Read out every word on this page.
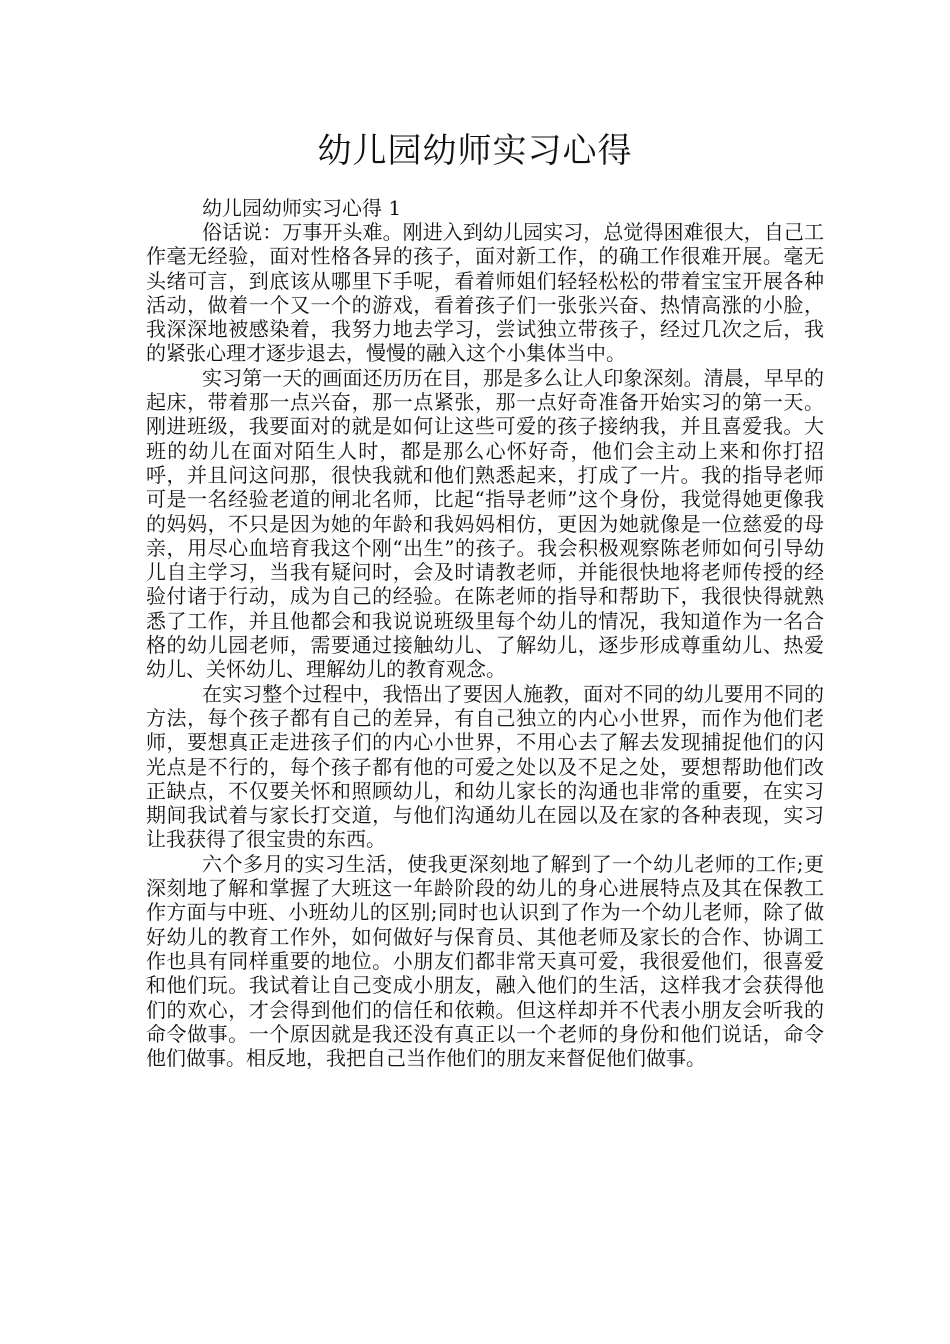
幼儿园幼师实习心得

幼儿园幼师实习心得 1

俗话说：万事开头难。刚进入到幼儿园实习，总觉得困难很大，自己工作毫无经验，面对性格各异的孩子，面对新工作，的确工作很难开展。毫无头绪可言，到底该从哪里下手呢，看着师姐们轻轻松松的带着宝宝开展各种活动，做着一个又一个的游戏，看着孩子们一张张兴奋、热情高涨的小脸，我深深地被感染着，我努力地去学习，尝试独立带孩子，经过几次之后，我的紧张心理才逐步退去，慢慢的融入这个小集体当中。

实习第一天的画面还历历在目，那是多么让人印象深刻。清晨，早早的起床，带着那一点兴奋，那一点紧张，那一点好奇准备开始实习的第一天。刚进班级，我要面对的就是如何让这些可爱的孩子接纳我，并且喜爱我。大班的幼儿在面对陌生人时，都是那么心怀好奇，他们会主动上来和你打招呼，并且问这问那，很快我就和他们熟悉起来，打成了一片。我的指导老师可是一名经验老道的闸北名师，比起“指导老师”这个身份，我觉得她更像我的妈妈，不只是因为她的年龄和我妈妈相仿，更因为她就像是一位慈爱的母亲，用尽心血培育我这个刚“出生”的孩子。我会积极观察陈老师如何引导幼儿自主学习，当我有疑问时，会及时请教老师，并能很快地将老师传授的经验付诸于行动，成为自己的经验。在陈老师的指导和帮助下，我很快得就熟悉了工作，并且他都会和我说说班级里每个幼儿的情况，我知道作为一名合格的幼儿园老师，需要通过接触幼儿、了解幼儿，逐步形成尊重幼儿、热爱幼儿、关怀幼儿、理解幼儿的教育观念。

在实习整个过程中，我悟出了要因人施教，面对不同的幼儿要用不同的方法，每个孩子都有自己的差异，有自己独立的内心小世界，而作为他们老师，要想真正走进孩子们的内心小世界，不用心去了解去发现捕捉他们的闪光点是不行的，每个孩子都有他的可爱之处以及不足之处，要想帮助他们改正缺点，不仅要关怀和照顾幼儿，和幼儿家长的沟通也非常的重要，在实习期间我试着与家长打交道，与他们沟通幼儿在园以及在家的各种表现，实习让我获得了很宝贵的东西。

六个多月的实习生活，使我更深刻地了解到了一个幼儿老师的工作;更深刻地了解和掌握了大班这一年龄阶段的幼儿的身心进展特点及其在保教工作方面与中班、小班幼儿的区别;同时也认识到了作为一个幼儿老师，除了做好幼儿的教育工作外，如何做好与保育员、其他老师及家长的合作、协调工作也具有同样重要的地位。小朋友们都非常天真可爱，我很爱他们，很喜爱和他们玩。我试着让自己变成小朋友，融入他们的生活，这样我才会获得他们的欢心，才会得到他们的信任和依赖。但这样却并不代表小朋友会听我的命令做事。一个原因就是我还没有真正以一个老师的身份和他们说话，命令他们做事。相反地，我把自己当作他们的朋友来督促他们做事。
